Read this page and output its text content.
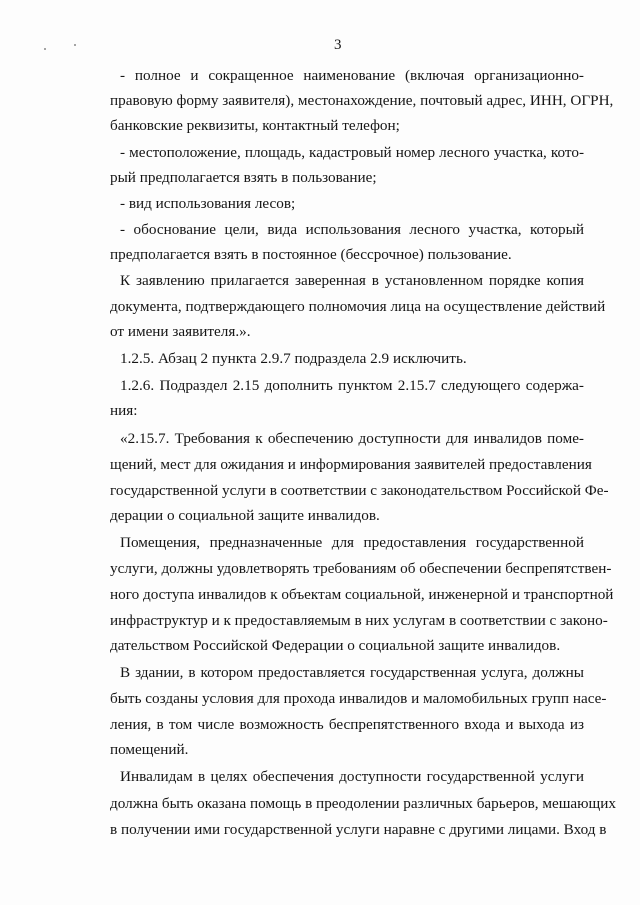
3
- полное и сокращенное наименование (включая организационно-
правовую форму заявителя), местонахождение, почтовый адрес, ИНН, ОГРН,
банковские реквизиты, контактный телефон;
- местоположение, площадь, кадастровый номер лесного участка, кото-
рый предполагается взять в пользование;
- вид использования лесов;
- обоснование цели, вида использования лесного участка, который
предполагается взять в постоянное (бессрочное) пользование.
К заявлению прилагается заверенная в установленном порядке копия
документа, подтверждающего полномочия лица на осуществление действий
от имени заявителя.».
1.2.5. Абзац 2 пункта 2.9.7 подраздела 2.9 исключить.
1.2.6. Подраздел 2.15 дополнить пунктом 2.15.7 следующего содержа-
ния:
«2.15.7. Требования к обеспечению доступности для инвалидов поме-
щений, мест для ожидания и информирования заявителей предоставления
государственной услуги в соответствии с законодательством Российской Фе-
дерации о социальной защите инвалидов.
Помещения, предназначенные для предоставления государственной
услуги, должны удовлетворять требованиям об обеспечении беспрепятствен-
ного доступа инвалидов к объектам социальной, инженерной и транспортной
инфраструктур и к предоставляемым в них услугам в соответствии с законо-
дательством Российской Федерации о социальной защите инвалидов.
В здании, в котором предоставляется государственная услуга, должны
быть созданы условия для прохода инвалидов и маломобильных групп насе-
ления, в том числе возможность беспрепятственного входа и выхода из
помещений.
Инвалидам в целях обеспечения доступности государственной услуги
должна быть оказана помощь в преодолении различных барьеров, мешающих
в получении ими государственной услуги наравне с другими лицами. Вход в
